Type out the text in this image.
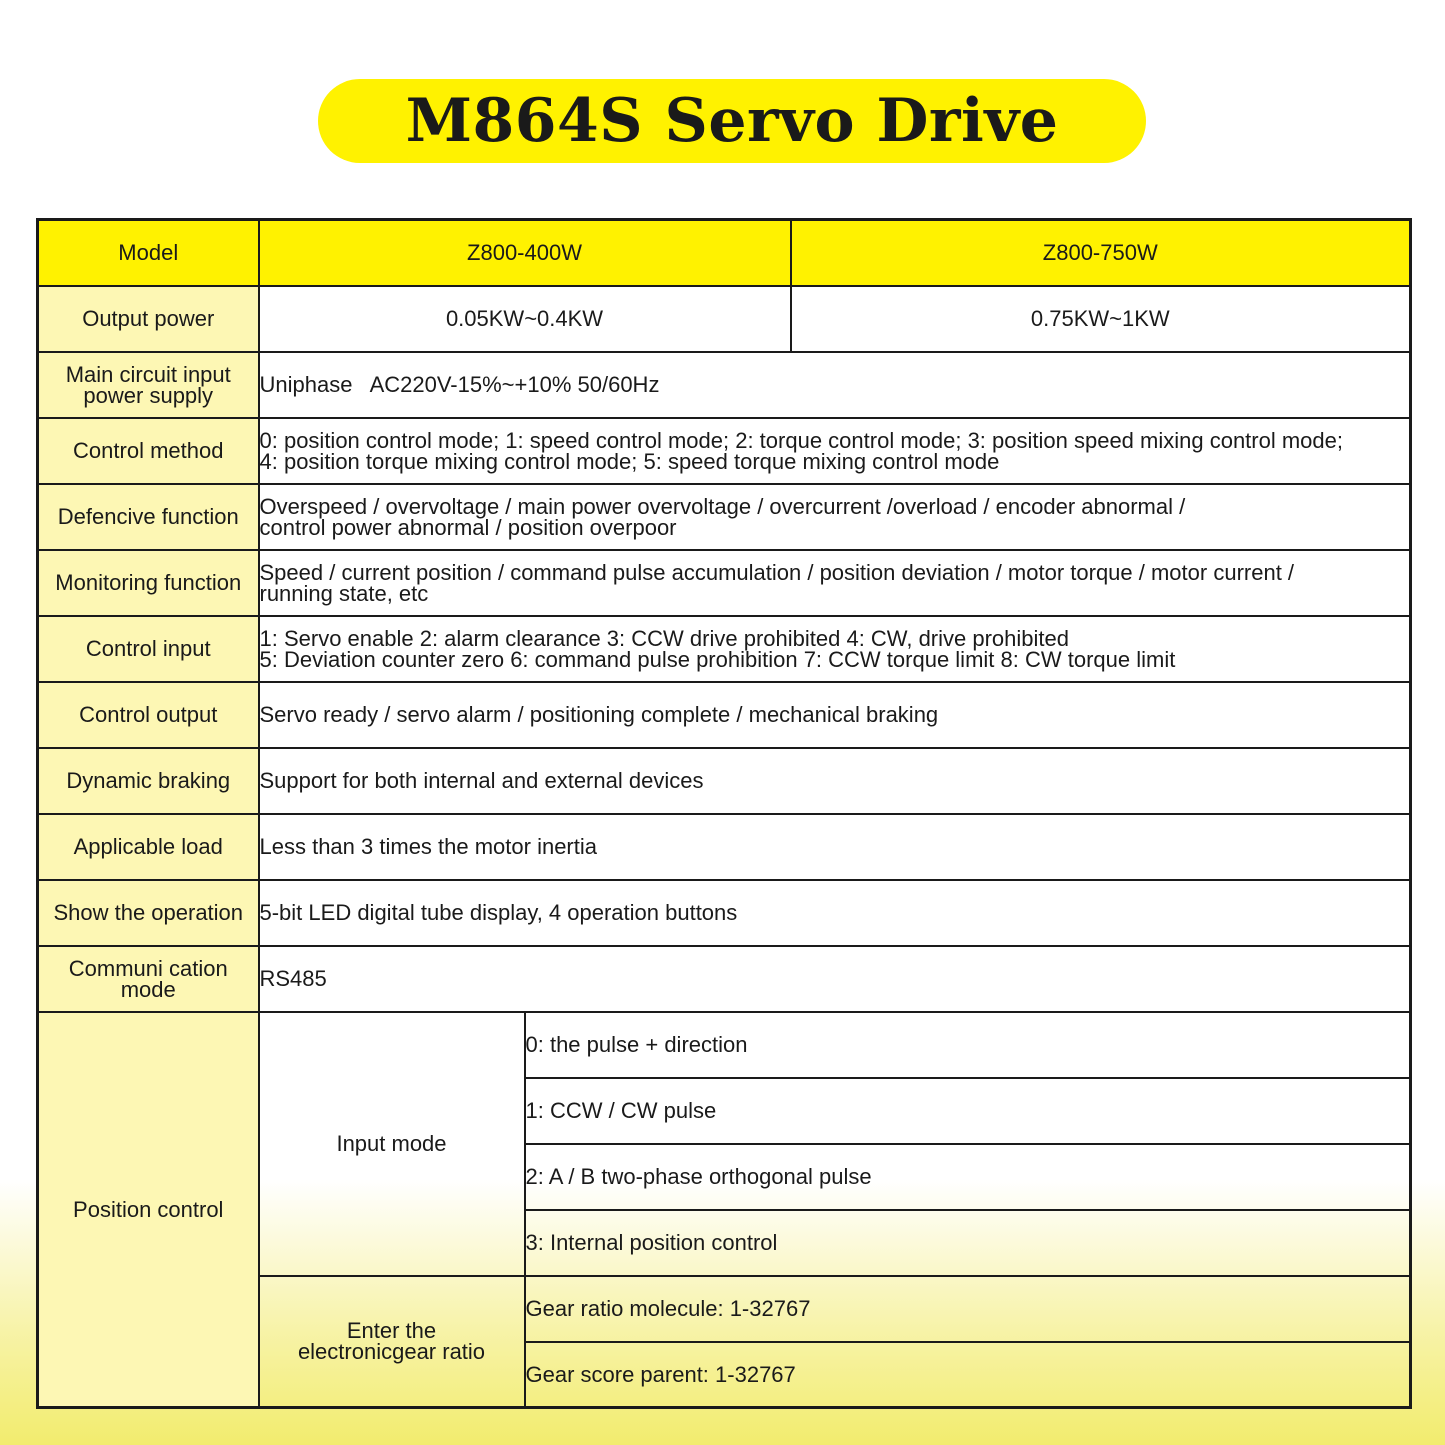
M864S Servo Drive
Model	Z800-400W		Z800-750W
Output power	0.05KW~0.4KW		0.75KW~1KW

Main circuit input
power supply	Uniphase   AC220V-15%~+10% 50/60Hz		

Control method	0: position control mode; 1: speed control mode; 2: torque control mode; 3: position speed mixing control mode;
4: position torque mixing control mode; 5: speed torque mixing control mode		

Defencive function	Overspeed / overvoltage / main power overvoltage / overcurrent /overload / encoder abnormal /
control power abnormal / position overpoor		

Monitoring function	Speed / current position / command pulse accumulation / position deviation / motor torque / motor current /
running state, etc		

Control input	1: Servo enable 2: alarm clearance 3: CCW drive prohibited 4: CW, drive prohibited
5: Deviation counter zero 6: command pulse prohibition 7: CCW torque limit 8: CW torque limit		

Control output	Servo ready / servo alarm / positioning complete / mechanical braking		
Dynamic braking	Support for both internal and external devices		
Applicable load	Less than 3 times the motor inertia		
Show the operation	5-bit LED digital tube display, 4 operation buttons		

Communi cation
mode	RS485		
Position control	Input mode	0: the pulse + direction	
		1: CCW / CW pulse	
		2: A / B two-phase orthogonal pulse	
		3: Internal position control	

	Enter the
electronicgear ratio	Gear ratio molecule: 1-32767	
		Gear score parent: 1-32767	
